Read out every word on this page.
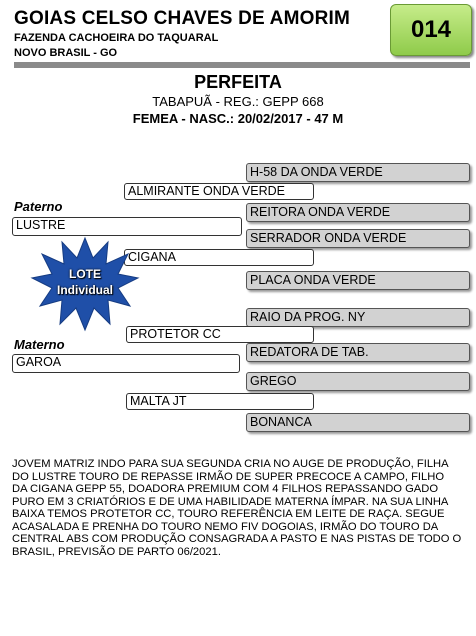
GOIAS CELSO CHAVES DE AMORIM
FAZENDA CACHOEIRA DO TAQUARAL
NOVO BRASIL - GO
014
PERFEITA
TABAPUÃ - REG.: GEPP 668
FEMEA - NASC.: 20/02/2017 - 47 M
H-58 DA ONDA VERDE
REITORA ONDA VERDE
SERRADOR ONDA VERDE
PLACA ONDA VERDE
RAIO DA PROG. NY
REDATORA DE TAB.
GREGO
BONANCA
ALMIRANTE ONDA VERDE
CIGANA
PROTETOR CC
MALTA JT
Paterno
LUSTRE
Materno
GAROA
LOTE
Individual
JOVEM MATRIZ INDO PARA SUA SEGUNDA CRIA NO AUGE DE PRODUÇÃO, FILHA DO LUSTRE TOURO DE REPASSE IRMÃO DE SUPER PRECOCE A CAMPO, FILHO DA CIGANA GEPP 55, DOADORA PREMIUM COM 4 FILHOS REPASSANDO GADO PURO EM 3 CRIATÓRIOS E DE UMA HABILIDADE MATERNA ÍMPAR. NA SUA LINHA BAIXA TEMOS PROTETOR CC, TOURO REFERÊNCIA EM LEITE DE RAÇA. SEGUE ACASALADA E PRENHA DO TOURO NEMO FIV DOGOIAS, IRMÃO DO TOURO DA CENTRAL ABS COM PRODUÇÃO CONSAGRADA A PASTO E NAS PISTAS DE TODO O BRASIL, PREVISÃO DE PARTO 06/2021.
